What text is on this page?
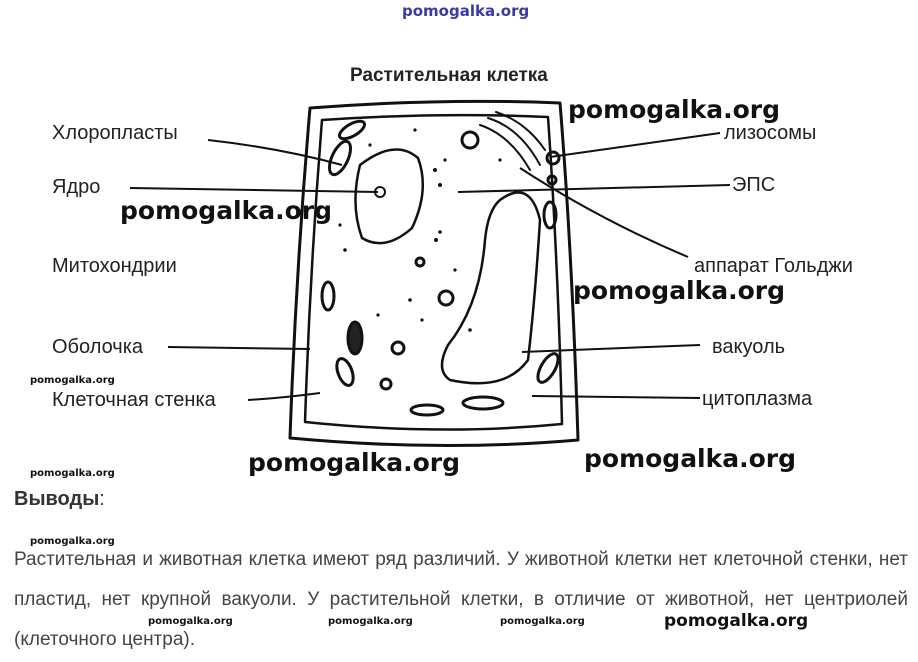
pomogalka.org
Растительная клетка
Хлоропласты
Ядро
Митохондрии
Оболочка
Клеточная стенка
лизосомы
ЭПС
аппарат Гольджи
вакуоль
цитоплазма
pomogalka.org
pomogalka.org
pomogalka.org
pomogalka.org	pomogalka.org
pomogalka.org
pomogalka.org
pomogalka.org
Выводы:
Растительная и животная клетка имеют ряд различий. У животной клетки нет клеточной стенки, нет пластид, нет крупной вакуоли. У растительной клетки, в отличие от животной, нет центриолей (клеточного центра).
pomogalka.org	pomogalka.org	pomogalka.org	pomogalka.org
